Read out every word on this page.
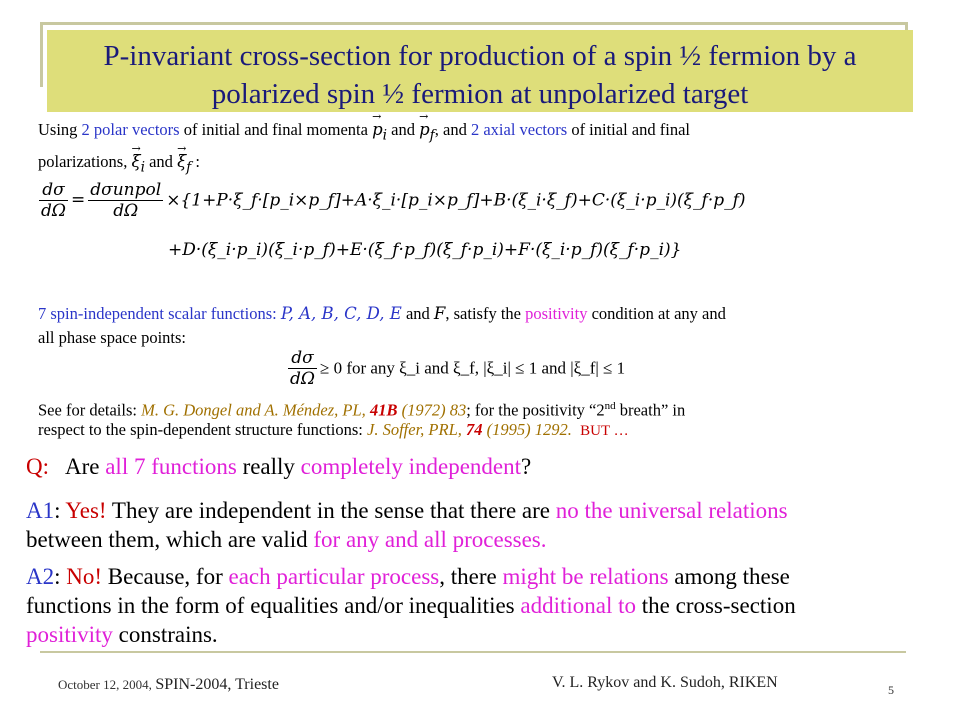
P-invariant cross-section for production of a spin ½ fermion by a
polarized spin ½ fermion at unpolarized target
Using 2 polar vectors of initial and final momenta → $p_i$ and → $p_f$, and 2 axial vectors of initial and final
polarizations, → $\xi_i$ and → $\xi_f$ :
$\frac{d\sigma}{d\Omega} = \frac{\text{dσunpol}}{d\Omega}$ ×{1+P·ξ_f·[p_i×p_f]+A·ξ_i·[p_i×p_f]+B·(ξ_i·ξ_f)+C·(ξ_i·p_i)(ξ_f·p_f)
+D·(ξ_i·p_i)(ξ_i·p_f)+E·(ξ_f·p_f)(ξ_f·p_i)+F·(ξ_i·p_f)(ξ_f·p_i)}
7 spin-independent scalar functions: P, A, B, C, D, E and F, satisfy the positivity condition at any and
all phase space points:
$\frac{d\sigma}{d\Omega} \ge 0$ for any ξ_i and ξ_f, |ξ_i| ≤ 1 and |ξ_f| ≤ 1
See for details: M. G. Dongel and A. Méndez, PL, 41B (1972) 83; for the positivity “2nd breath” in
respect to the spin-dependent structure functions: J. Soffer, PRL, 74 (1995) 1292. BUT …
Q:   Are all 7 functions really completely independent?
A1: Yes! They are independent in the sense that there are no the universal relations
between them, which are valid for any and all processes.
A2: No! Because, for each particular process, there might be relations among these
functions in the form of equalities and/or inequalities additional to the cross-section
positivity constrains.
October 12, 2004, SPIN-2004, Trieste	V. L. Rykov and K. Sudoh, RIKEN	5
